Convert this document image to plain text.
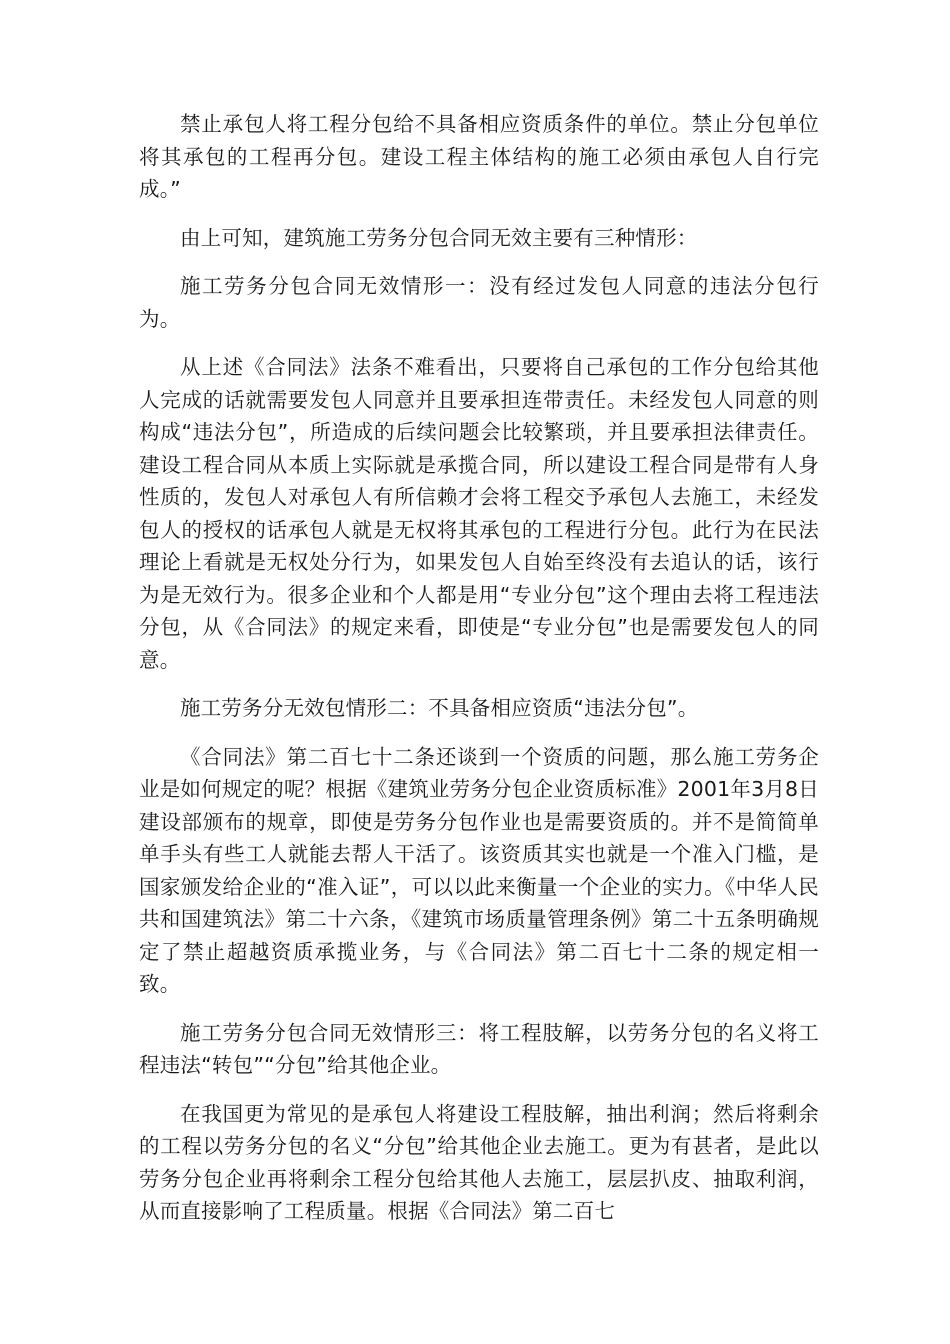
禁止承包人将工程分包给不具备相应资质条件的单位。禁止分包单位将其承包的工程再分包。建设工程主体结构的施工必须由承包人自行完成。”

由上可知，建筑施工劳务分包合同无效主要有三种情形：

施工劳务分包合同无效情形一：没有经过发包人同意的违法分包行为。

从上述《合同法》法条不难看出，只要将自己承包的工作分包给其他人完成的话就需要发包人同意并且要承担连带责任。未经发包人同意的则构成“违法分包”，所造成的后续问题会比较繁琐，并且要承担法律责任。建设工程合同从本质上实际就是承揽合同，所以建设工程合同是带有人身性质的，发包人对承包人有所信赖才会将工程交予承包人去施工，未经发包人的授权的话承包人就是无权将其承包的工程进行分包。此行为在民法理论上看就是无权处分行为，如果发包人自始至终没有去追认的话，该行为是无效行为。很多企业和个人都是用“专业分包”这个理由去将工程违法分包，从《合同法》的规定来看，即使是“专业分包”也是需要发包人的同意。

施工劳务分无效包情形二：不具备相应资质“违法分包”。

《合同法》第二百七十二条还谈到一个资质的问题，那么施工劳务企业是如何规定的呢？根据《建筑业劳务分包企业资质标准》2001年3月8日建设部颁布的规章，即使是劳务分包作业也是需要资质的。并不是简简单单手头有些工人就能去帮人干活了。该资质其实也就是一个准入门槛，是国家颁发给企业的“准入证”，可以以此来衡量一个企业的实力。《中华人民共和国建筑法》第二十六条，《建筑市场质量管理条例》第二十五条明确规定了禁止超越资质承揽业务，与《合同法》第二百七十二条的规定相一致。

施工劳务分包合同无效情形三：将工程肢解，以劳务分包的名义将工程违法“转包”“分包”给其他企业。

在我国更为常见的是承包人将建设工程肢解，抽出利润；然后将剩余的工程以劳务分包的名义“分包”给其他企业去施工。更为有甚者，是此以劳务分包企业再将剩余工程分包给其他人去施工，层层扒皮、抽取利润，从而直接影响了工程质量。根据《合同法》第二百七
